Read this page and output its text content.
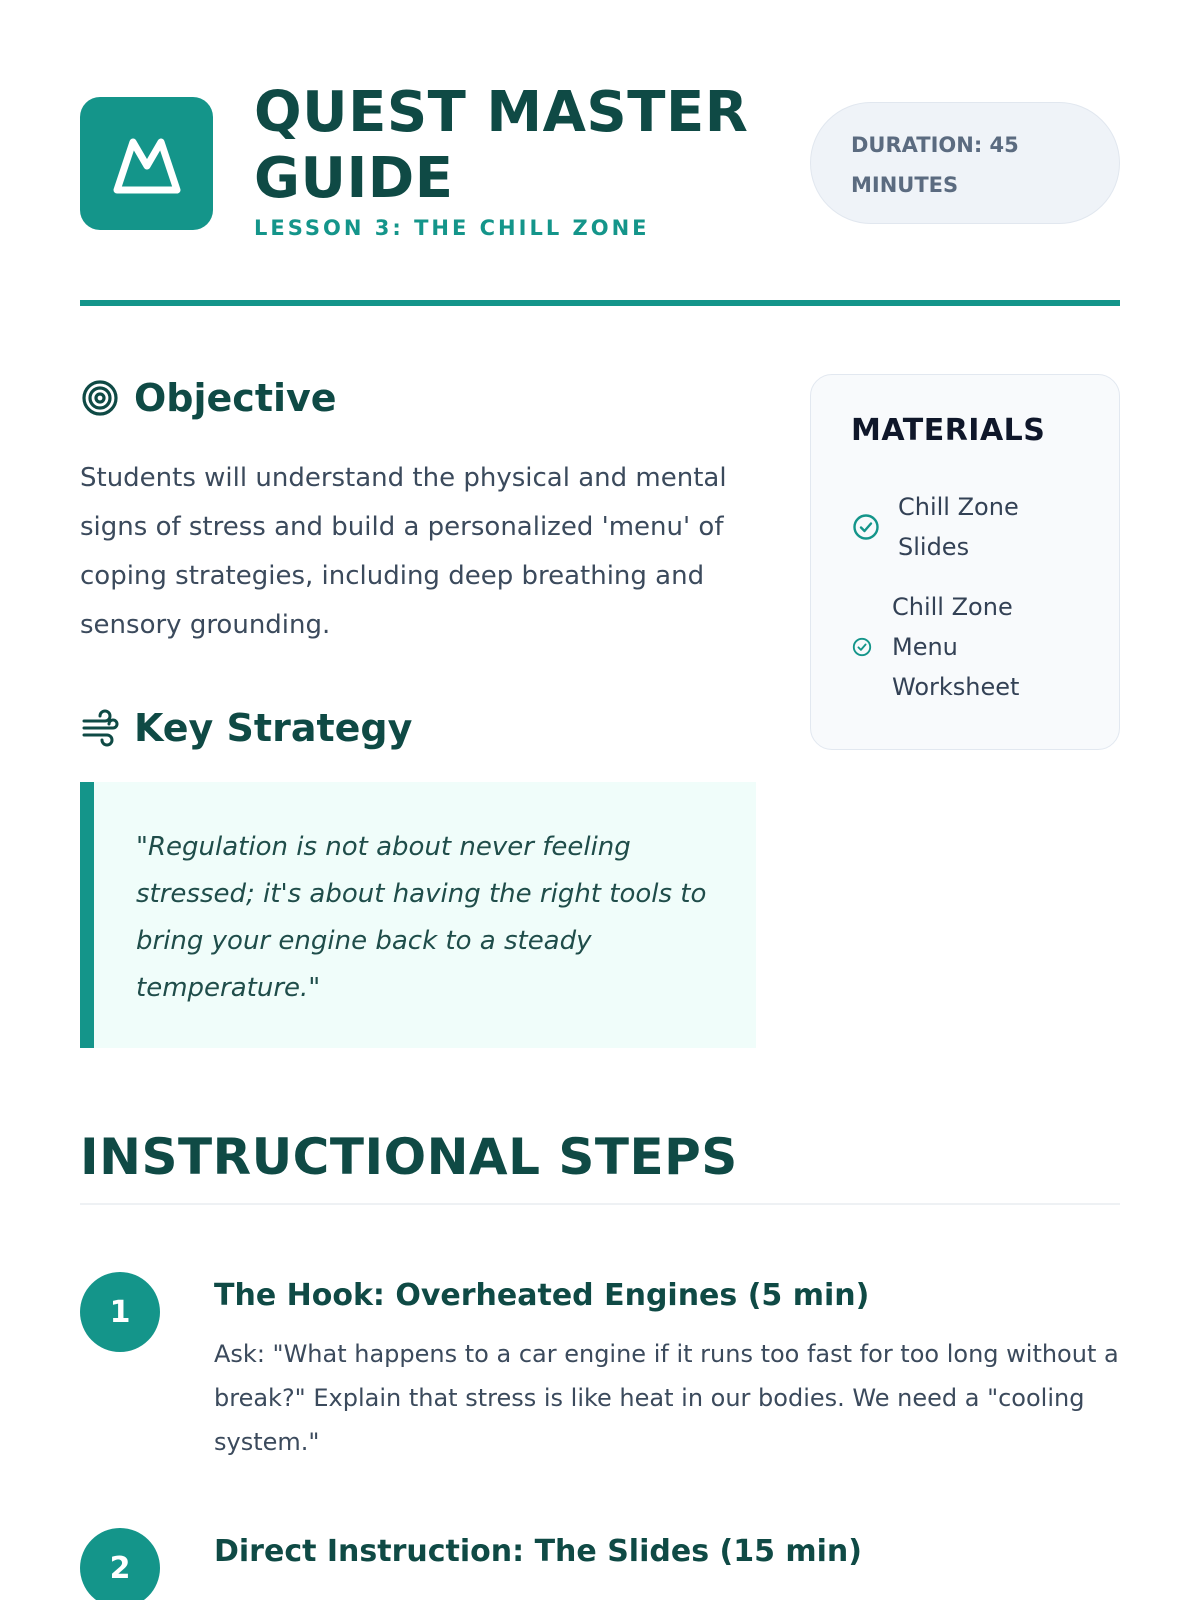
QUEST MASTER GUIDE
LESSON 3: THE CHILL ZONE
DURATION: 45
MINUTES
Objective

Students will understand the physical and mental signs of stress and build a personalized 'menu' of coping strategies, including deep breathing and sensory grounding.

Key Strategy

"Regulation is not about never feeling stressed; it's about having the right tools to bring your engine back to a steady temperature."

MATERIALS
Chill Zone Slides
Chill Zone Menu Worksheet
INSTRUCTIONAL STEPS
1	The Hook: Overheated Engines (5 min)
Ask: "What happens to a car engine if it runs too fast for too long without a break?" Explain that stress is like heat in our bodies. We need a "cooling system."
2	Direct Instruction: The Slides (15 min)
